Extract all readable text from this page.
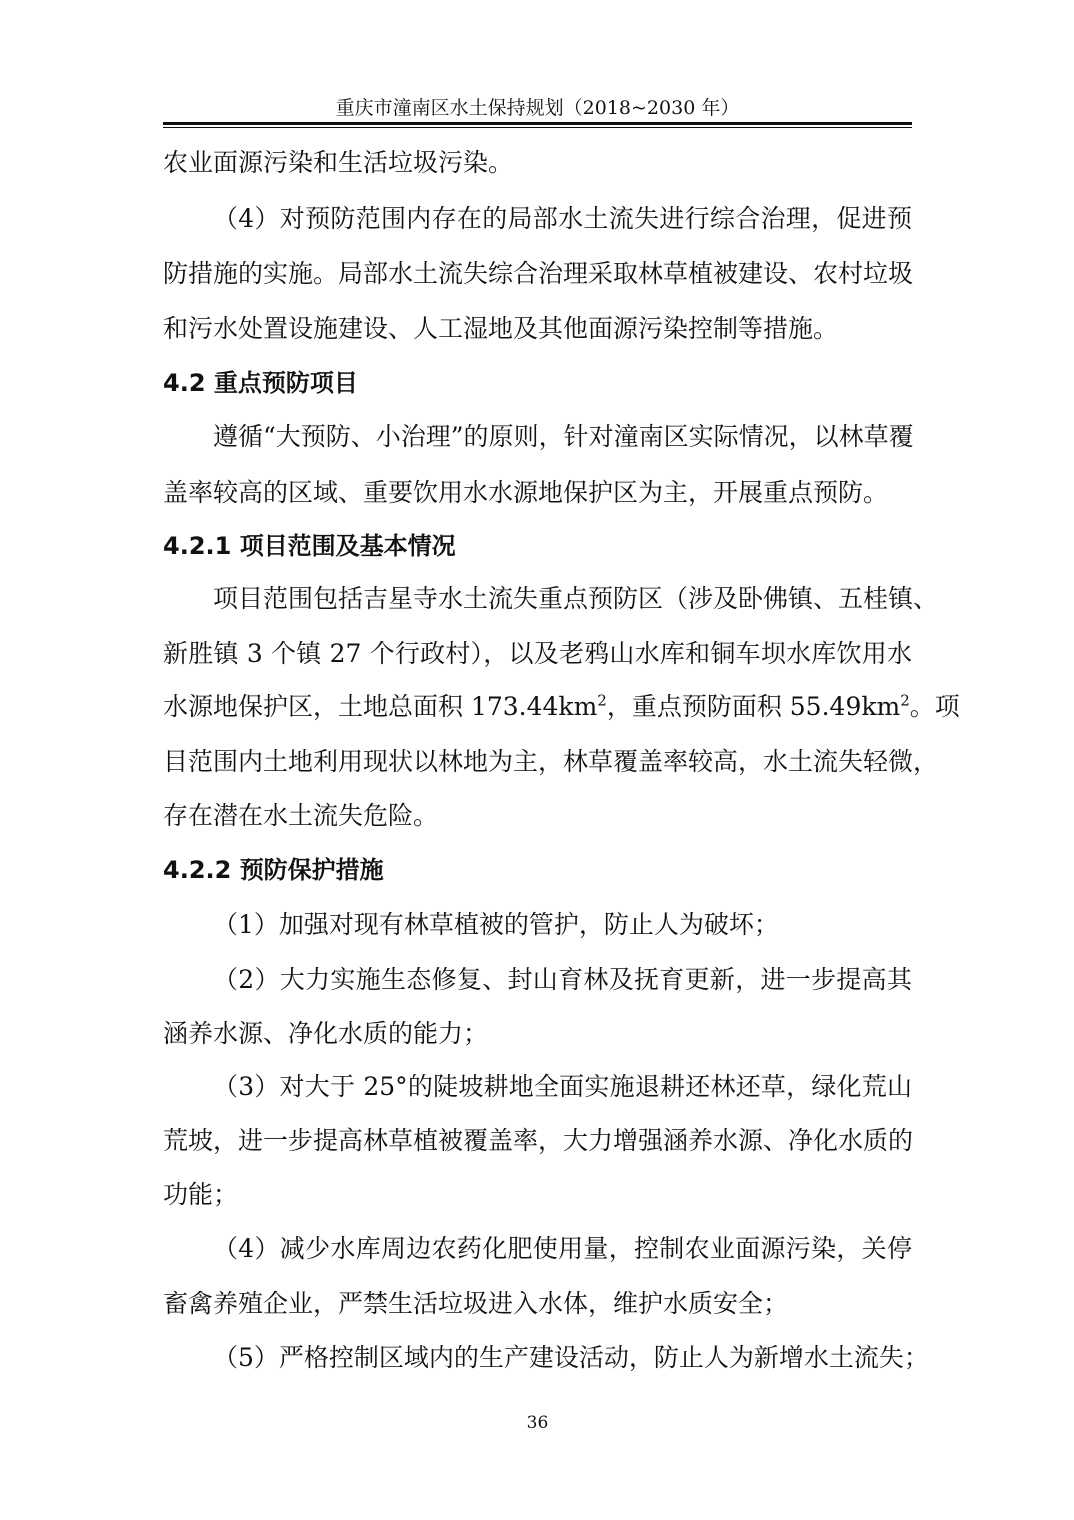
重庆市潼南区水土保持规划（2018~2030 年）
农业面源污染和生活垃圾污染。
（4）对预防范围内存在的局部水土流失进行综合治理，促进预
防措施的实施。局部水土流失综合治理采取林草植被建设、农村垃圾
和污水处置设施建设、人工湿地及其他面源污染控制等措施。
4.2 重点预防项目
遵循“大预防、小治理”的原则，针对潼南区实际情况，以林草覆
盖率较高的区域、重要饮用水水源地保护区为主，开展重点预防。
4.2.1 项目范围及基本情况
项目范围包括吉星寺水土流失重点预防区（涉及卧佛镇、五桂镇、
新胜镇 3 个镇 27 个行政村），以及老鸦山水库和铜车坝水库饮用水
水源地保护区，土地总面积 $173.44km^2$，重点预防面积 $55.49km^2$。项
目范围内土地利用现状以林地为主，林草覆盖率较高，水土流失轻微，
存在潜在水土流失危险。
4.2.2 预防保护措施
（1）加强对现有林草植被的管护，防止人为破坏；
（2）大力实施生态修复、封山育林及抚育更新，进一步提高其
涵养水源、净化水质的能力；
（3）对大于 25°的陡坡耕地全面实施退耕还林还草，绿化荒山
荒坡，进一步提高林草植被覆盖率，大力增强涵养水源、净化水质的
功能；
（4）减少水库周边农药化肥使用量，控制农业面源污染，关停
畜禽养殖企业，严禁生活垃圾进入水体，维护水质安全；
（5）严格控制区域内的生产建设活动，防止人为新增水土流失；
36
